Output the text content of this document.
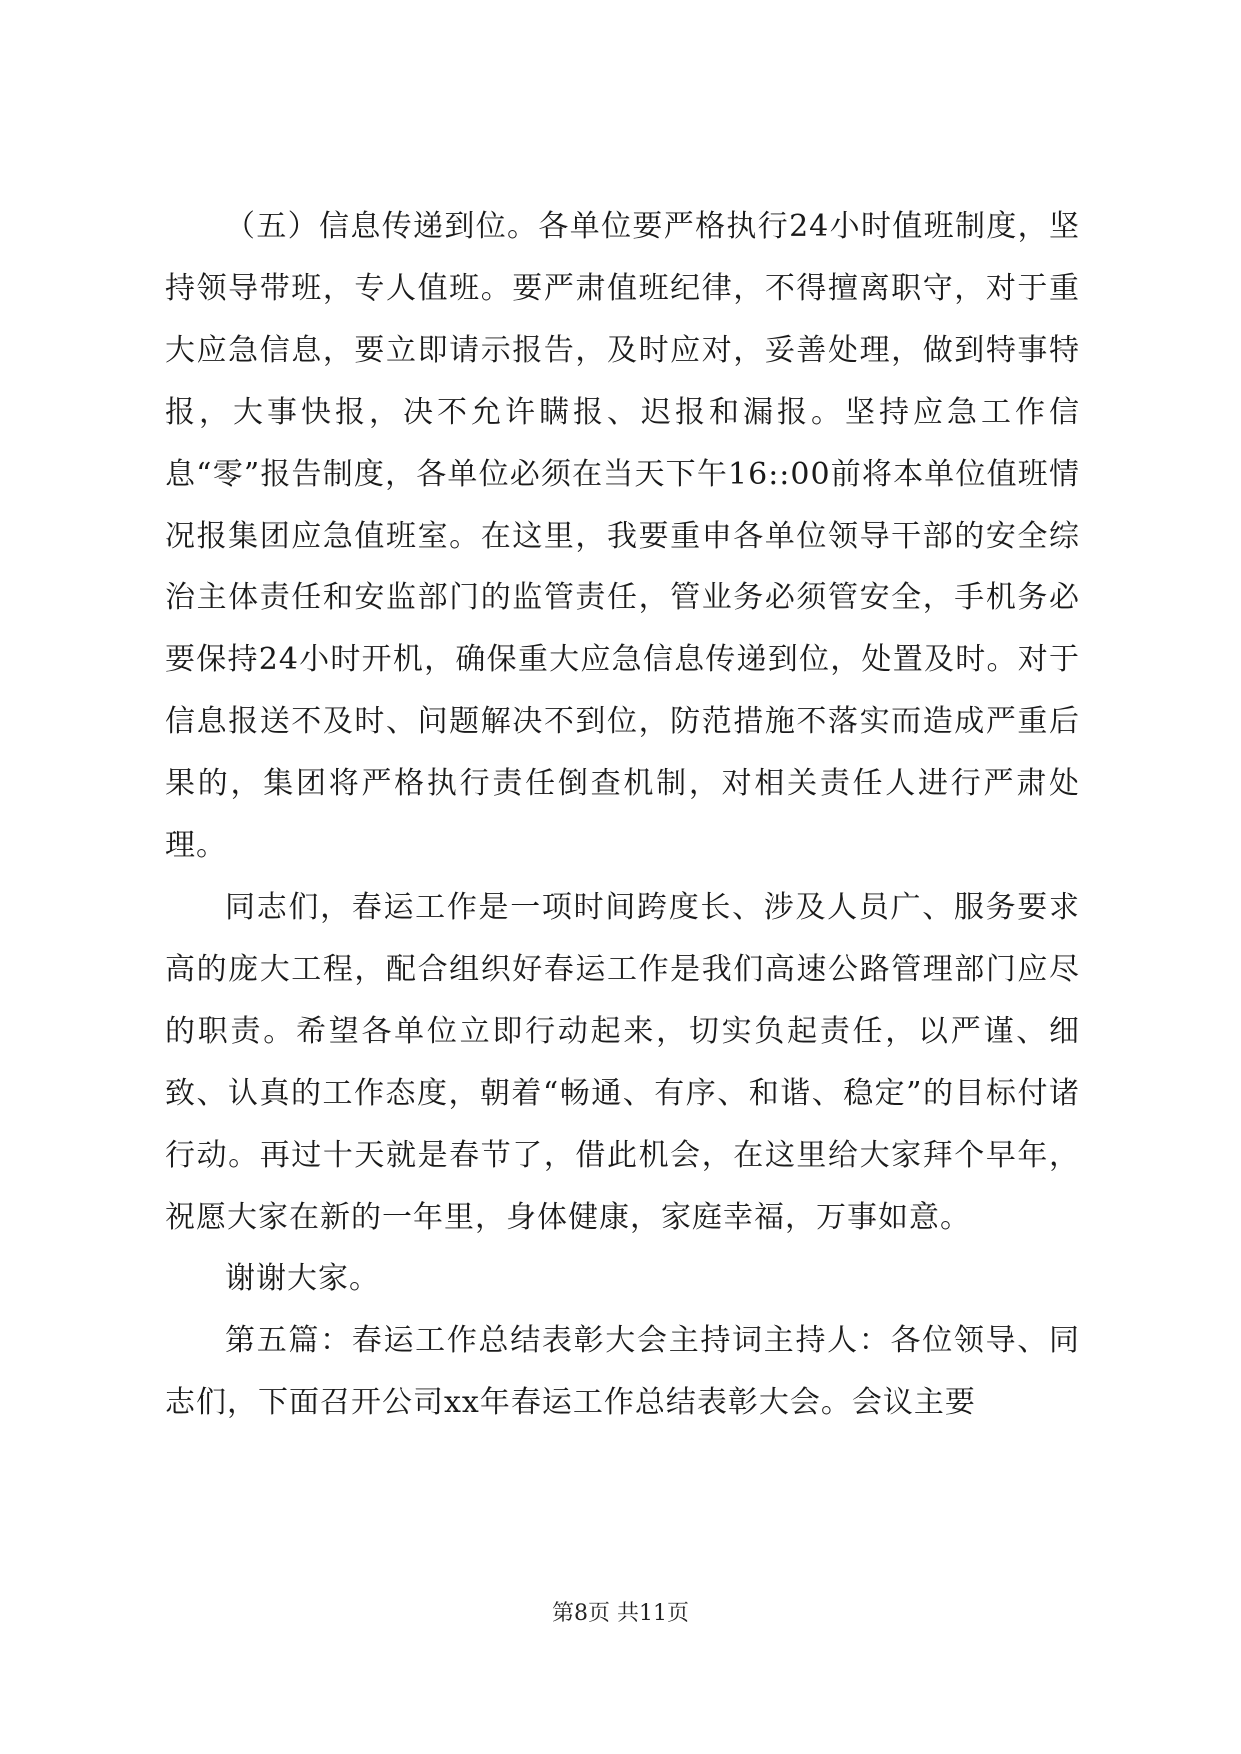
（五）信息传递到位。各单位要严格执行24小时值班制度，坚持领导带班，专人值班。要严肃值班纪律，不得擅离职守，对于重大应急信息，要立即请示报告，及时应对，妥善处理，做到特事特报，大事快报，决不允许瞒报、迟报和漏报。坚持应急工作信息“零”报告制度，各单位必须在当天下午16::00前将本单位值班情况报集团应急值班室。在这里，我要重申各单位领导干部的安全综治主体责任和安监部门的监管责任，管业务必须管安全，手机务必要保持24小时开机，确保重大应急信息传递到位，处置及时。对于信息报送不及时、问题解决不到位，防范措施不落实而造成严重后果的，集团将严格执行责任倒查机制，对相关责任人进行严肃处理。

同志们，春运工作是一项时间跨度长、涉及人员广、服务要求高的庞大工程，配合组织好春运工作是我们高速公路管理部门应尽的职责。希望各单位立即行动起来，切实负起责任，以严谨、细致、认真的工作态度，朝着“畅通、有序、和谐、稳定”的目标付诸行动。再过十天就是春节了，借此机会，在这里给大家拜个早年，祝愿大家在新的一年里，身体健康，家庭幸福，万事如意。

谢谢大家。

第五篇：春运工作总结表彰大会主持词主持人：各位领导、同志们，下面召开公司xx年春运工作总结表彰大会。会议主要

第8页 共11页
